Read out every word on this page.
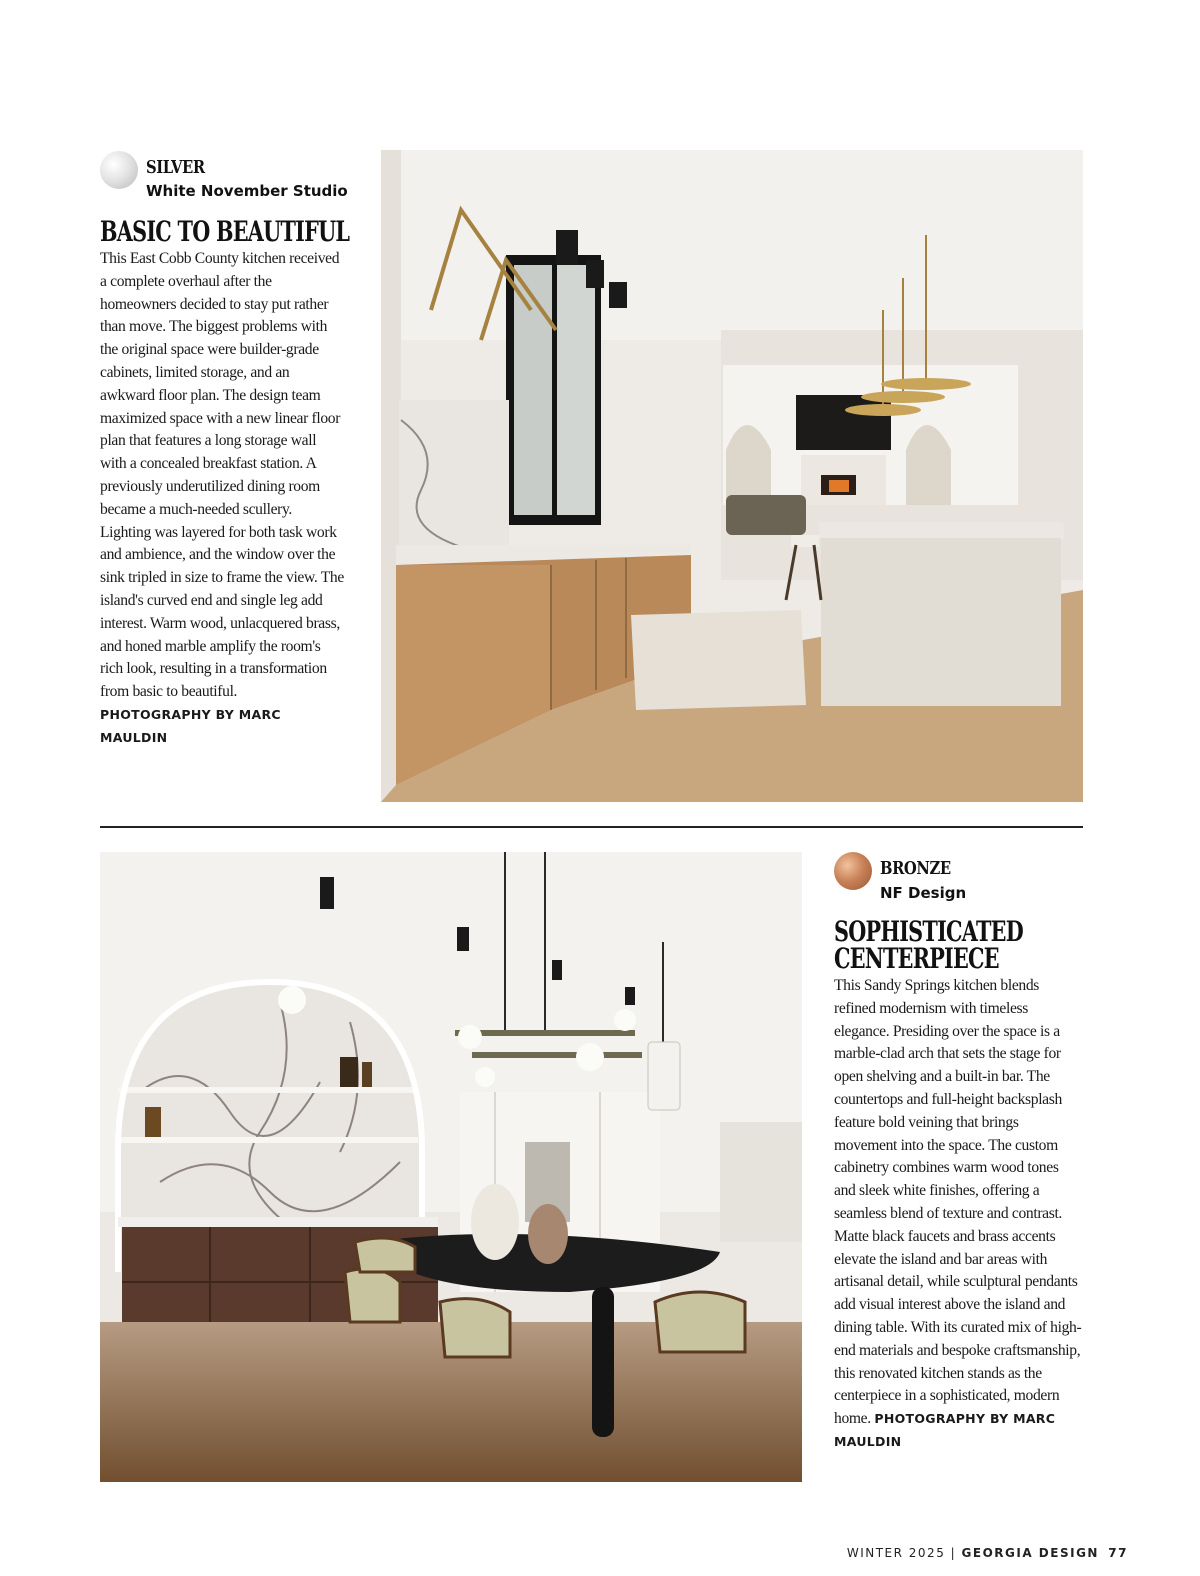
SILVER
White November Studio
BASIC TO BEAUTIFUL
This East Cobb County kitchen received a complete overhaul after the homeowners decided to stay put rather than move. The biggest problems with the original space were builder-grade cabinets, limited storage, and an awkward floor plan. The design team maximized space with a new linear floor plan that features a long storage wall with a concealed breakfast station. A previously underutilized dining room became a much-needed scullery. Lighting was layered for both task work and ambience, and the window over the sink tripled in size to frame the view. The island's curved end and single leg add interest. Warm wood, unlacquered brass, and honed marble amplify the room's rich look, resulting in a transformation from basic to beautiful. PHOTOGRAPHY BY MARC MAULDIN
BRONZE
NF Design
SOPHISTICATED
CENTERPIECE
This Sandy Springs kitchen blends refined modernism with timeless elegance. Presiding over the space is a marble-clad arch that sets the stage for open shelving and a built-in bar. The countertops and full-height backsplash feature bold veining that brings movement into the space. The custom cabinetry combines warm wood tones and sleek white finishes, offering a seamless blend of texture and contrast. Matte black faucets and brass accents elevate the island and bar areas with artisanal detail, while sculptural pendants add visual interest above the island and dining table. With its curated mix of high-end materials and bespoke craftsmanship, this renovated kitchen stands as the centerpiece in a sophisticated, modern home. PHOTOGRAPHY BY MARC MAULDIN
WINTER 2025 | GEORGIA DESIGN 77
